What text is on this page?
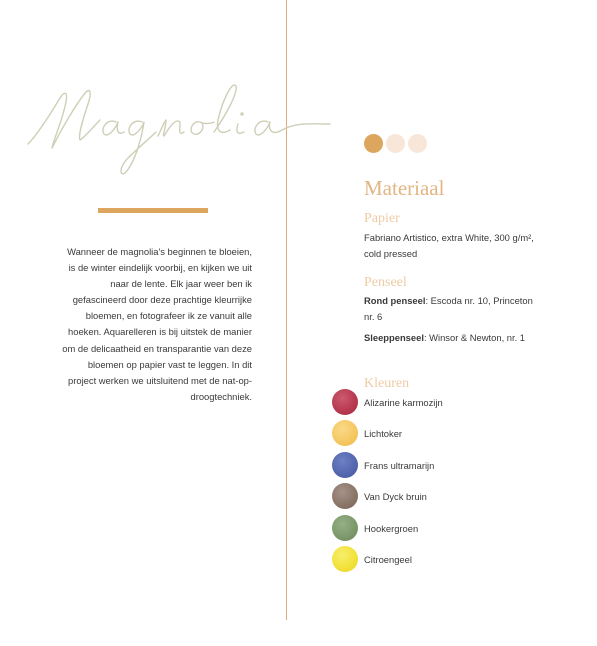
Wanneer de magnolia's beginnen te bloeien, is de winter eindelijk voorbij, en kijken we uit naar de lente. Elk jaar weer ben ik gefascineerd door deze prachtige kleurrijke bloemen, en fotografeer ik ze vanuit alle hoeken. Aquarelleren is bij uitstek de manier om de delicaatheid en transparantie van deze bloemen op papier vast te leggen. In dit project werken we uitsluitend met de nat-op-droogtechniek.

Materiaal
Papier
Fabriano Artistico, extra White, 300 g/m², cold pressed
Penseel
Rond penseel: Escoda nr. 10, Princeton nr. 6
Sleeppenseel: Winsor & Newton, nr. 1
Kleuren
Alizarine karmozijn
Lichtoker
Frans ultramarijn
Van Dyck bruin
Hookergroen
Citroengeel
